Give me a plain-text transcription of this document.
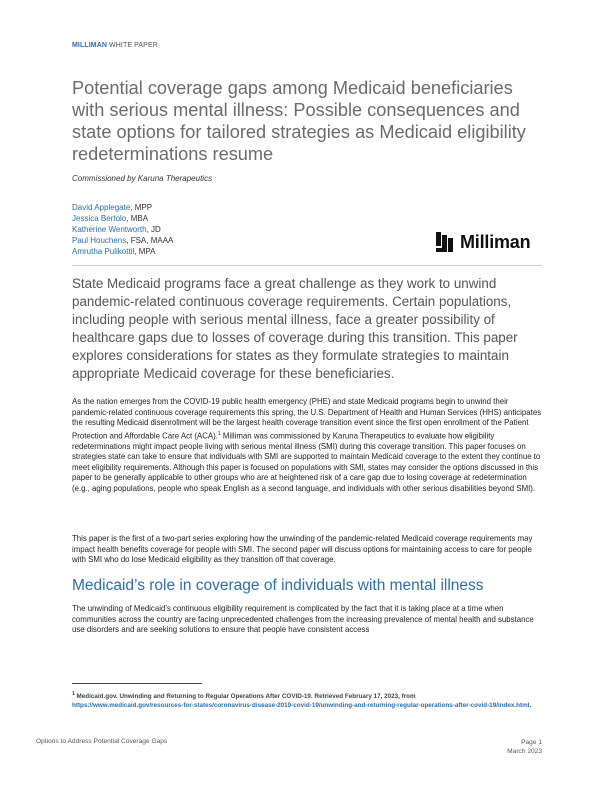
MILLIMAN WHITE PAPER
Potential coverage gaps among Medicaid beneficiaries with serious mental illness: Possible consequences and state options for tailored strategies as Medicaid eligibility redeterminations resume
Commissioned by Karuna Therapeutics
David Applegate, MPP
Jessica Bertolo, MBA
Katherine Wentworth, JD
Paul Houchens, FSA, MAAA
Amrutha Pulikottil, MPA	Milliman
State Medicaid programs face a great challenge as they work to unwind pandemic-related continuous coverage requirements. Certain populations, including people with serious mental illness, face a greater possibility of healthcare gaps due to losses of coverage during this transition. This paper explores considerations for states as they formulate strategies to maintain appropriate Medicaid coverage for these beneficiaries.
As the nation emerges from the COVID-19 public health emergency (PHE) and state Medicaid programs begin to unwind their pandemic-related continuous coverage requirements this spring, the U.S. Department of Health and Human Services (HHS) anticipates the resulting Medicaid disenrollment will be the largest health coverage transition event since the first open enrollment of the Patient Protection and Affordable Care Act (ACA).$^1$ Milliman was commissioned by Karuna Therapeutics to evaluate how eligibility redeterminations might impact people living with serious mental illness (SMI) during this coverage transition. This paper focuses on strategies state can take to ensure that individuals with SMI are supported to maintain Medicaid coverage to the extent they continue to meet eligibility requirements. Although this paper is focused on populations with SMI, states may consider the options discussed in this paper to be generally applicable to other groups who are at heightened risk of a care gap due to losing coverage at redetermination (e.g., aging populations, people who speak English as a second language, and individuals with other serious disabilities beyond SMI).
This paper is the first of a two-part series exploring how the unwinding of the pandemic-related Medicaid coverage requirements may impact health benefits coverage for people with SMI. The second paper will discuss options for maintaining access to care for people with SMI who do lose Medicaid eligibility as they transition off that coverage.
Medicaid’s role in coverage of individuals with mental illness
The unwinding of Medicaid’s continuous eligibility requirement is complicated by the fact that it is taking place at a time when communities across the country are facing unprecedented challenges from the increasing prevalence of mental health and substance use disorders and are seeking solutions to ensure that people have consistent access
$^1$ Medicaid.gov. Unwinding and Returning to Regular Operations After COVID-19. Retrieved February 17, 2023, from
https://www.medicaid.gov/resources-for-states/coronavirus-disease-2019-covid-19/unwinding-and-returning-regular-operations-after-covid-19/index.html.
Options to Address Potential Coverage Gaps	Page 1
March 2023
